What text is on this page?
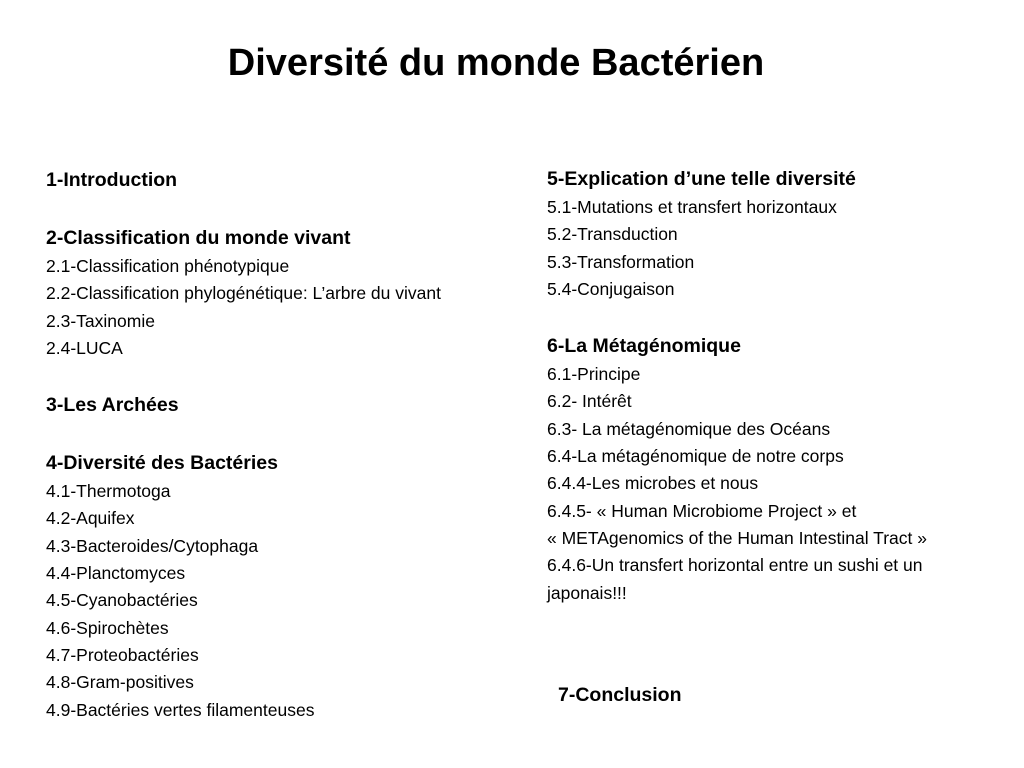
Diversité du monde Bactérien
1-Introduction
2-Classification du monde vivant
2.1-Classification phénotypique
2.2-Classification phylogénétique: L’arbre du vivant
2.3-Taxinomie
2.4-LUCA
3-Les Archées
4-Diversité des Bactéries
4.1-Thermotoga
4.2-Aquifex
4.3-Bacteroides/Cytophaga
4.4-Planctomyces
4.5-Cyanobactéries
4.6-Spirochètes
4.7-Proteobactéries
4.8-Gram-positives
4.9-Bactéries vertes filamenteuses
5-Explication d’une telle diversité
5.1-Mutations et transfert horizontaux
5.2-Transduction
5.3-Transformation
5.4-Conjugaison
6-La Métagénomique
6.1-Principe
6.2- Intérêt
6.3- La métagénomique des Océans
6.4-La métagénomique de notre corps
6.4.4-Les microbes et nous
6.4.5- « Human Microbiome Project » et
« METAgenomics of the Human Intestinal Tract »
6.4.6-Un transfert horizontal entre un sushi et un japonais!!!
7-Conclusion
